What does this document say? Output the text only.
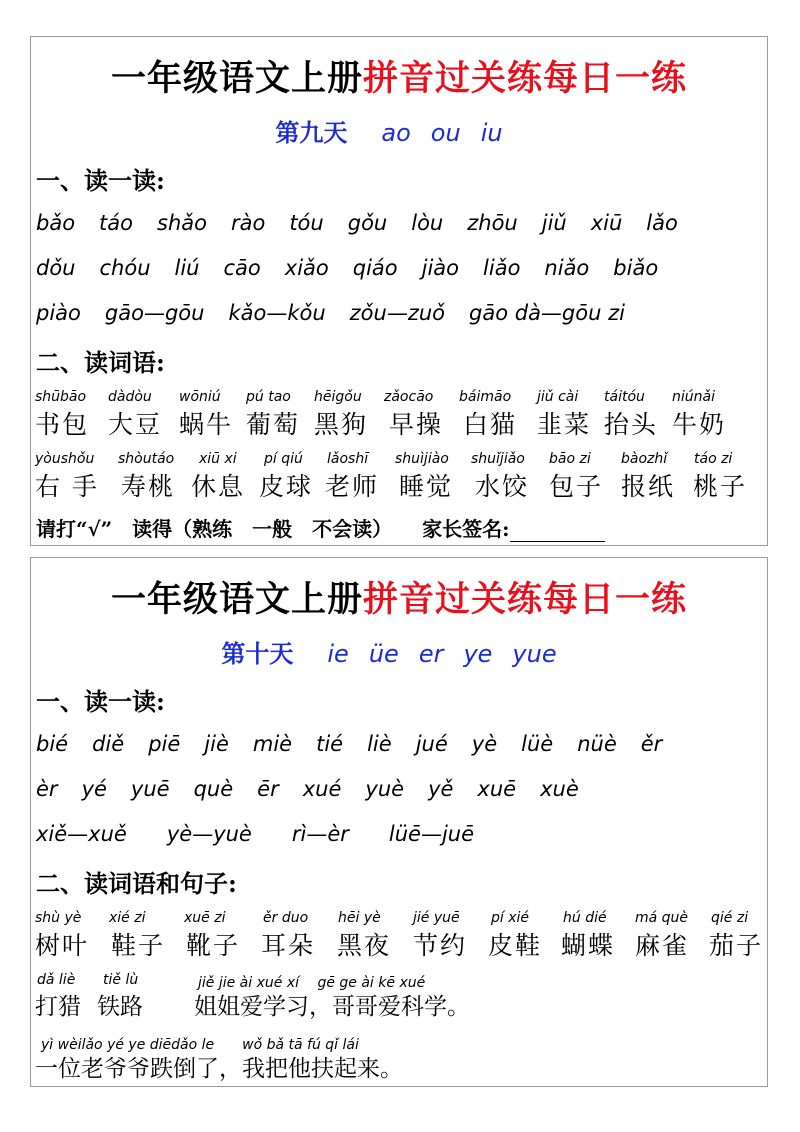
一年级语文上册拼音过关练每日一练
第九天 ao ou iu
一、读一读:
bǎo táo shǎo rào tóu gǒu lòu zhōu jiǔ xiū lǎo
dǒu chóu liú cāo xiǎo qiáo jiào liǎo niǎo biǎo
piào gāo—gōu kǎo—kǒu zǒu—zuǒ gāo dà—gōu zi
二、读词语:
shūbāo
书包
dàdòu
大豆
wōniú
蜗牛
pú tao
葡萄
hēigǒu
黑狗
zǎocāo
早操
báimāo
白猫
jiǔ cài
韭菜
táitóu
抬头
niúnǎi
牛奶
yòushǒu
右手
shòutáo
寿桃
xiū xi
休息
pí qiú
皮球
lǎoshī
老师
shuìjiào
睡觉
shuǐjiǎo
水饺
bāo zi
包子
bàozhǐ
报纸
táo zi
桃子
请打“√”　 读得（熟练　一般　不会读）　　 家长签名:
一年级语文上册拼音过关练每日一练
第十天 ie üe er ye yue
一、读一读:
bié diě piē jiè miè tié liè jué yè lüè nüè ěr
èr yé yuē què ēr xué yuè yě xuē xuè
xiě—xuě yè—yuè rì—èr lüē—juē
二、读词语和句子:
shù yè
树叶
xié zi
鞋子
xuē zi
靴子
ěr duo
耳朵
hēi yè
黑夜
jié yuē
节约
pí xié
皮鞋
hú dié
蝴蝶
má què
麻雀
qié zi
茄子
dǎ liè
打猎
tiě lù
铁路
jiě jie ài xué xí　 gē ge ài kē xué
姐姐爱学习，哥哥爱科学。
yì wèilǎo yé ye diēdǎo le　　wǒ bǎ tā fú qǐ lái
一位老爷爷跌倒了，我把他扶起来。
